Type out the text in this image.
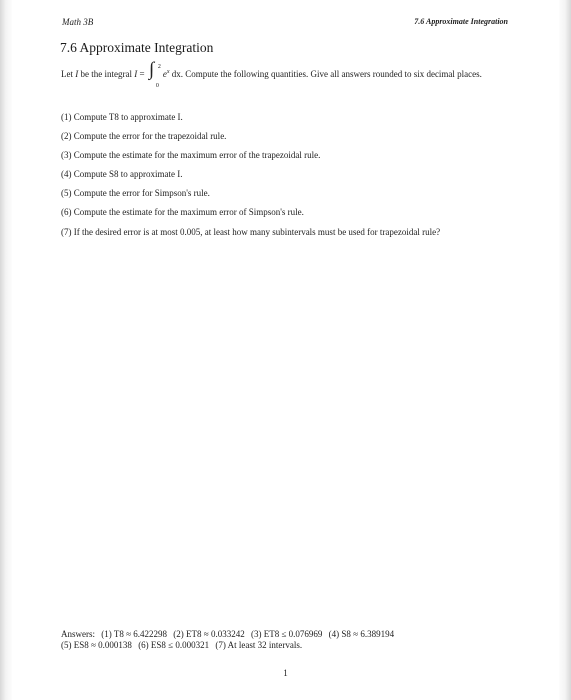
Math 3B	7.6 Approximate Integration
7.6 Approximate Integration
Let I be the integral I = ∫ 2
0
$e^x$ dx. Compute the following quantities. Give all answers rounded to six decimal places.
(1) Compute T8 to approximate I.
(2) Compute the error for the trapezoidal rule.
(3) Compute the estimate for the maximum error of the trapezoidal rule.
(4) Compute S8 to approximate I.
(5) Compute the error for Simpson's rule.
(6) Compute the estimate for the maximum error of Simpson's rule.
(7) If the desired error is at most 0.005, at least how many subintervals must be used for trapezoidal rule?
Answers: (1) T8 ≈ 6.422298 (2) ET8 ≈ 0.033242 (3) ET8 ≤ 0.076969 (4) S8 ≈ 6.389194
(5) ES8 ≈ 0.000138 (6) ES8 ≤ 0.000321 (7) At least 32 intervals.
1
